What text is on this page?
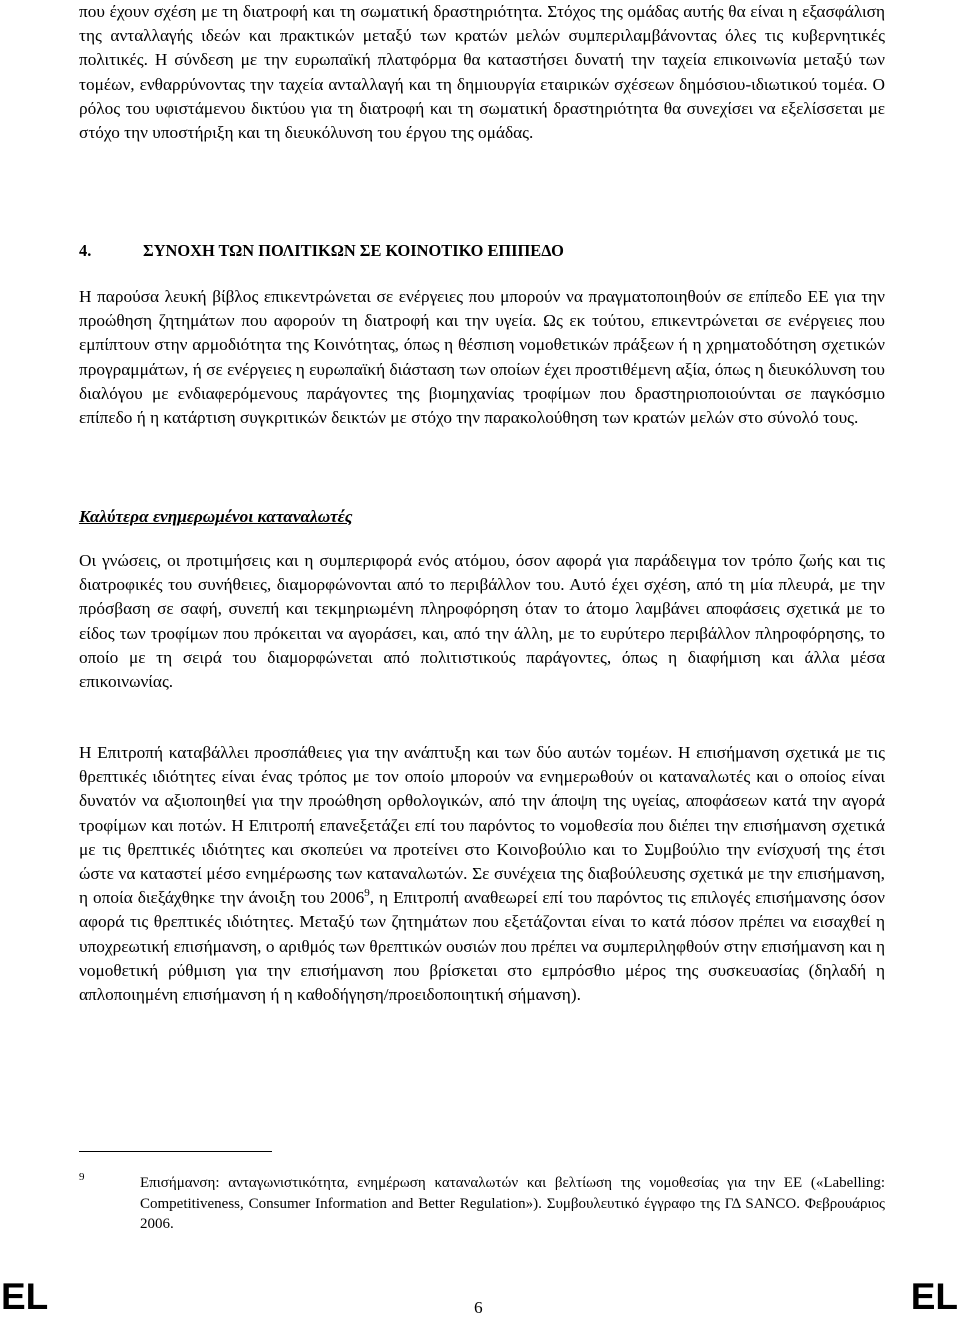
που έχουν σχέση με τη διατροφή και τη σωματική δραστηριότητα. Στόχος της ομάδας αυτής θα είναι η εξασφάλιση της ανταλλαγής ιδεών και πρακτικών μεταξύ των κρατών μελών συμπεριλαμβάνοντας όλες τις κυβερνητικές πολιτικές. Η σύνδεση με την ευρωπαϊκή πλατφόρμα θα καταστήσει δυνατή την ταχεία επικοινωνία μεταξύ των τομέων, ενθαρρύνοντας την ταχεία ανταλλαγή και τη δημιουργία εταιρικών σχέσεων δημόσιου-ιδιωτικού τομέα. Ο ρόλος του υφιστάμενου δικτύου για τη διατροφή και τη σωματική δραστηριότητα θα συνεχίσει να εξελίσσεται με στόχο την υποστήριξη και τη διευκόλυνση του έργου της ομάδας.

4.	ΣΥΝΟΧΗ ΤΩΝ ΠΟΛΙΤΙΚΩΝ ΣΕ ΚΟΙΝΟΤΙΚΟ ΕΠΙΠΕΔΟ

Η παρούσα λευκή βίβλος επικεντρώνεται σε ενέργειες που μπορούν να πραγματοποιηθούν σε επίπεδο ΕΕ για την προώθηση ζητημάτων που αφορούν τη διατροφή και την υγεία. Ως εκ τούτου, επικεντρώνεται σε ενέργειες που εμπίπτουν στην αρμοδιότητα της Κοινότητας, όπως η θέσπιση νομοθετικών πράξεων ή η χρηματοδότηση σχετικών προγραμμάτων, ή σε ενέργειες η ευρωπαϊκή διάσταση των οποίων έχει προστιθέμενη αξία, όπως η διευκόλυνση του διαλόγου με ενδιαφερόμενους παράγοντες της βιομηχανίας τροφίμων που δραστηριοποιούνται σε παγκόσμιο επίπεδο ή η κατάρτιση συγκριτικών δεικτών με στόχο την παρακολούθηση των κρατών μελών στο σύνολό τους.

Καλύτερα ενημερωμένοι καταναλωτές

Οι γνώσεις, οι προτιμήσεις και η συμπεριφορά ενός ατόμου, όσον αφορά για παράδειγμα τον τρόπο ζωής και τις διατροφικές του συνήθειες, διαμορφώνονται από το περιβάλλον του. Αυτό έχει σχέση, από τη μία πλευρά, με την πρόσβαση σε σαφή, συνεπή και τεκμηριωμένη πληροφόρηση όταν το άτομο λαμβάνει αποφάσεις σχετικά με το είδος των τροφίμων που πρόκειται να αγοράσει, και, από την άλλη, με το ευρύτερο περιβάλλον πληροφόρησης, το οποίο με τη σειρά του διαμορφώνεται από πολιτιστικούς παράγοντες, όπως η διαφήμιση και άλλα μέσα επικοινωνίας.

Η Επιτροπή καταβάλλει προσπάθειες για την ανάπτυξη και των δύο αυτών τομέων. Η επισήμανση σχετικά με τις θρεπτικές ιδιότητες είναι ένας τρόπος με τον οποίο μπορούν να ενημερωθούν οι καταναλωτές και ο οποίος είναι δυνατόν να αξιοποιηθεί για την προώθηση ορθολογικών, από την άποψη της υγείας, αποφάσεων κατά την αγορά τροφίμων και ποτών. Η Επιτροπή επανεξετάζει επί του παρόντος το νομοθεσία που διέπει την επισήμανση σχετικά με τις θρεπτικές ιδιότητες και σκοπεύει να προτείνει στο Κοινοβούλιο και το Συμβούλιο την ενίσχυσή της έτσι ώστε να καταστεί μέσο ενημέρωσης των καταναλωτών. Σε συνέχεια της διαβούλευσης σχετικά με την επισήμανση, η οποία διεξάχθηκε την άνοιξη του 2006$^9$, η Επιτροπή αναθεωρεί επί του παρόντος τις επιλογές επισήμανσης όσον αφορά τις θρεπτικές ιδιότητες. Μεταξύ των ζητημάτων που εξετάζονται είναι το κατά πόσον πρέπει να εισαχθεί η υποχρεωτική επισήμανση, ο αριθμός των θρεπτικών ουσιών που πρέπει να συμπεριληφθούν στην επισήμανση και η νομοθετική ρύθμιση για την επισήμανση που βρίσκεται στο εμπρόσθιο μέρος της συσκευασίας (δηλαδή η απλοποιημένη επισήμανση ή η καθοδήγηση/προειδοποιητική σήμανση).

9	Επισήμανση: ανταγωνιστικότητα, ενημέρωση καταναλωτών και βελτίωση της νομοθεσίας για την ΕΕ («Labelling: Competitiveness, Consumer Information and Better Regulation»). Συμβουλευτικό έγγραφο της ΓΔ SANCO. Φεβρουάριος 2006.

EL	6	EL
